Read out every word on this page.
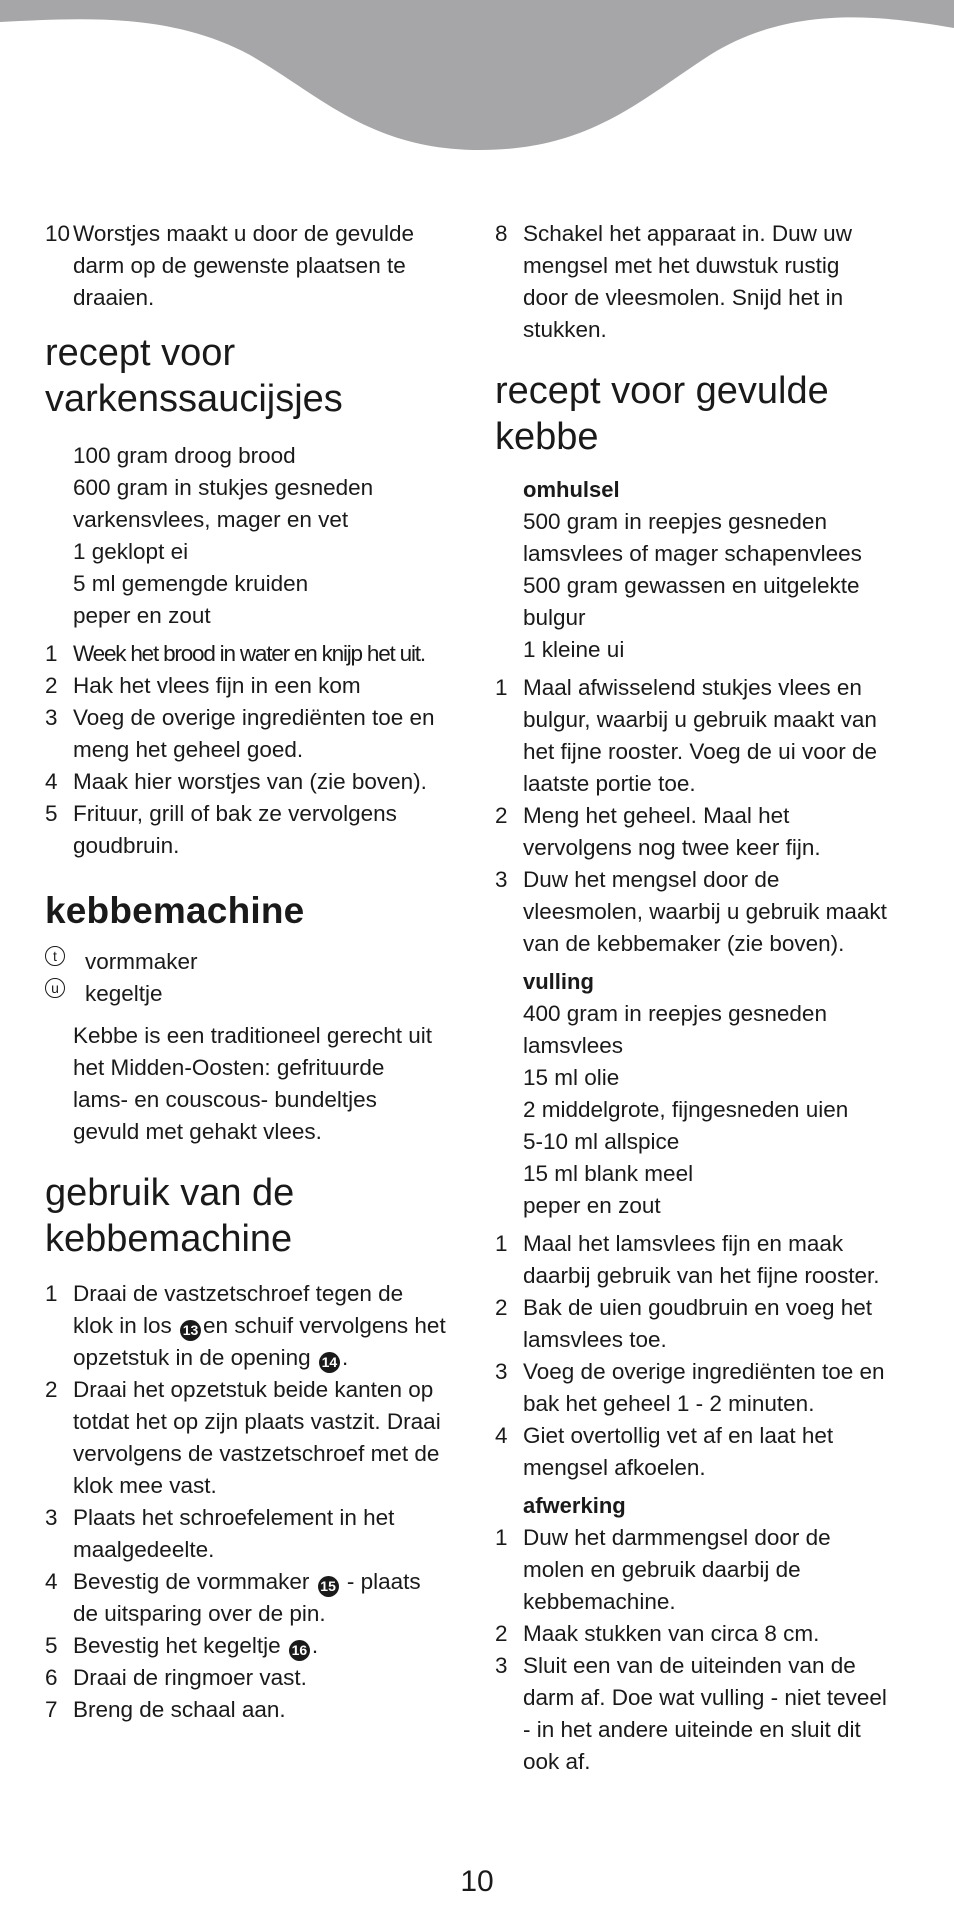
10 Worstjes maakt u door de gevulde
darm op de gewenste plaatsen te
draaien.
recept voor
varkenssaucijsjes
100 gram droog brood
600 gram in stukjes gesneden
varkensvlees, mager en vet
1 geklopt ei
5 ml gemengde kruiden
peper en zout
1 Week het brood in water en knijp het uit.
2 Hak het vlees fijn in een kom
3 Voeg de overige ingrediënten toe en
meng het geheel goed.
4 Maak hier worstjes van (zie boven).
5 Frituur, grill of bak ze vervolgens
goudbruin.
kebbemachine
t	vormmaker
u kegeltje
Kebbe is een traditioneel gerecht uit
het Midden-Oosten: gefrituurde
lams- en couscous- bundeltjes
gevuld met gehakt vlees.
gebruik van de
kebbemachine
1 Draai de vastzetschroef tegen de
klok in los 13 en schuif vervolgens het
opzetstuk in de opening 14 .
2 Draai het opzetstuk beide kanten op
totdat het op zijn plaats vastzit. Draai
vervolgens de vastzetschroef met de
klok mee vast.
3 Plaats het schroefelement in het
maalgedeelte.
4 Bevestig de vormmaker 15 - plaats
de uitsparing over de pin.
5 Bevestig het kegeltje 16 .
6 Draai de ringmoer vast.
7 Breng de schaal aan.
8 Schakel het apparaat in. Duw uw
mengsel met het duwstuk rustig
door de vleesmolen. Snijd het in
stukken.
recept voor gevulde
kebbe
omhulsel
500 gram in reepjes gesneden
lamsvlees of mager schapenvlees
500 gram gewassen en uitgelekte
bulgur
1 kleine ui
1 Maal afwisselend stukjes vlees en
bulgur, waarbij u gebruik maakt van
het fijne rooster. Voeg de ui voor de
laatste portie toe.
2 Meng het geheel. Maal het
vervolgens nog twee keer fijn.
3 Duw het mengsel door de
vleesmolen, waarbij u gebruik maakt
van de kebbemaker (zie boven).
vulling
400 gram in reepjes gesneden
lamsvlees
15 ml olie
2 middelgrote, fijngesneden uien
5-10 ml allspice
15 ml blank meel
peper en zout
1 Maal het lamsvlees fijn en maak
daarbij gebruik van het fijne rooster.
2 Bak de uien goudbruin en voeg het
lamsvlees toe.
3 Voeg de overige ingrediënten toe en
bak het geheel 1 - 2 minuten.
4 Giet overtollig vet af en laat het
mengsel afkoelen.
afwerking
1 Duw het darmmengsel door de
molen en gebruik daarbij de
kebbemachine.
2 Maak stukken van circa 8 cm.
3 Sluit een van de uiteinden van de
darm af. Doe wat vulling - niet teveel
- in het andere uiteinde en sluit dit
ook af.
10
